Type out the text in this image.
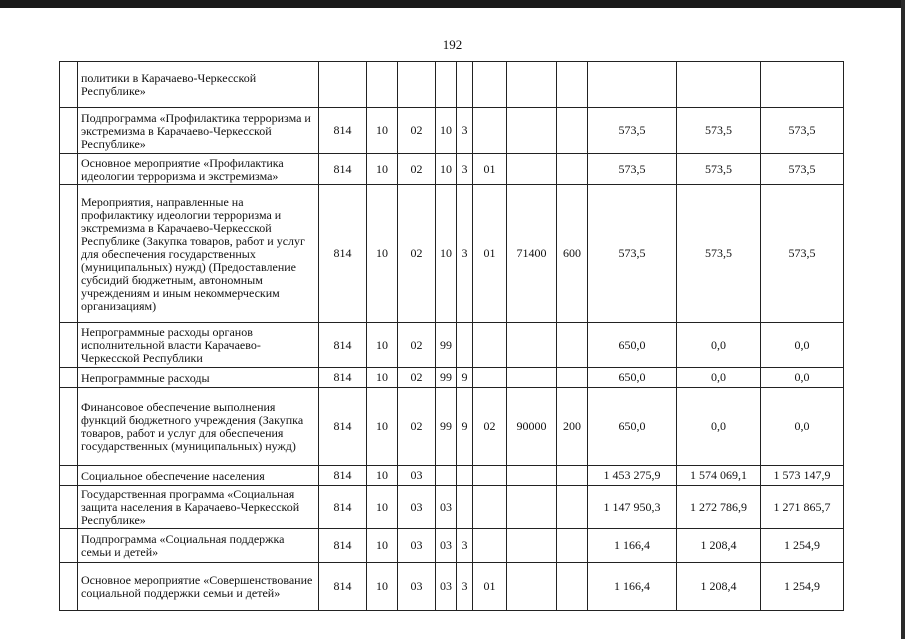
192
	политики в Карачаево-Черкесской Республике»											
	Подпрограмма «Профилактика терроризма и экстремизма в Карачаево-Черкесской Республике»	814	10	02	10	3				573,5	573,5	573,5
	Основное мероприятие «Профилактика идеологии терроризма и экстремизма»	814	10	02	10	3	01			573,5	573,5	573,5
	Мероприятия, направленные на профилактику идеологии терроризма и экстремизма в Карачаево-Черкесской Республике (Закупка товаров, работ и услуг для обеспечения государственных (муниципальных) нужд) (Предоставление субсидий бюджетным, автономным учреждениям и иным некоммерческим организациям)	814	10	02	10	3	01	71400	600	573,5	573,5	573,5
	Непрограммные расходы органов исполнительной власти Карачаево-Черкесской Республики	814	10	02	99					650,0	0,0	0,0
	Непрограммные расходы	814	10	02	99	9				650,0	0,0	0,0
	Финансовое обеспечение выполнения функций бюджетного учреждения (Закупка товаров, работ и услуг для обеспечения государственных (муниципальных) нужд)	814	10	02	99	9	02	90000	200	650,0	0,0	0,0
	Социальное обеспечение населения	814	10	03						1 453 275,9	1 574 069,1	1 573 147,9
	Государственная программа «Социальная защита населения в Карачаево-Черкесской Республике»	814	10	03	03					1 147 950,3	1 272 786,9	1 271 865,7
	Подпрограмма «Социальная поддержка семьи и детей»	814	10	03	03	3				1 166,4	1 208,4	1 254,9
	Основное мероприятие «Совершенствование социальной поддержки семьи и детей»	814	10	03	03	3	01			1 166,4	1 208,4	1 254,9
